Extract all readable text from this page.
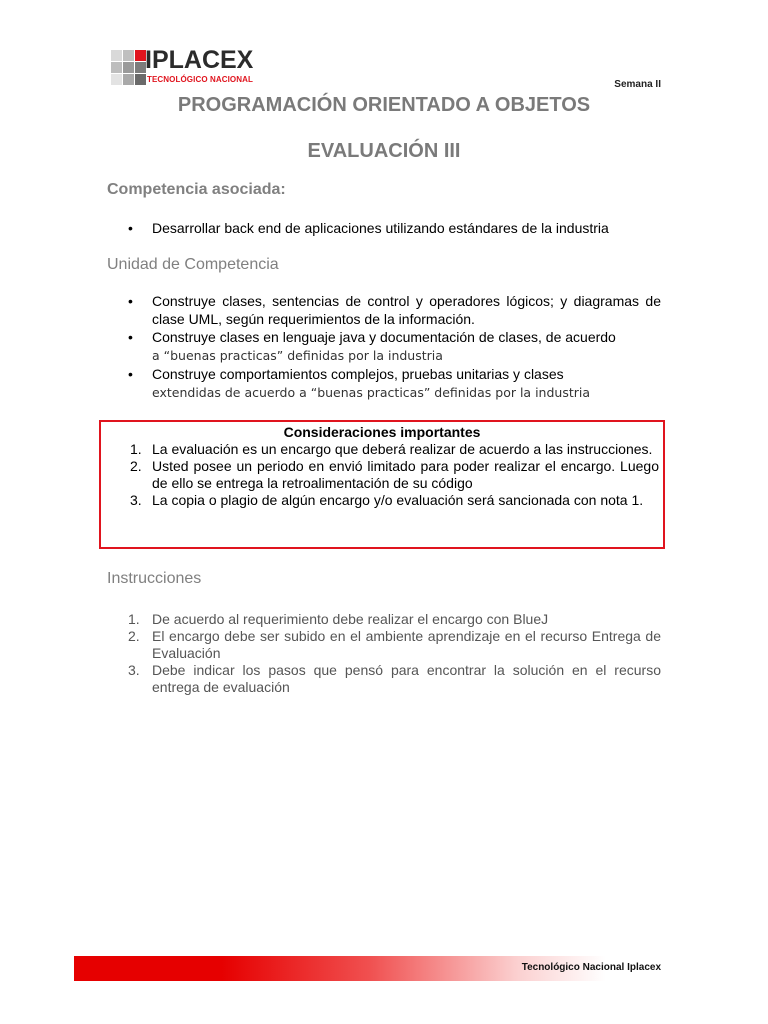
IPLACEX
TECNOLÓGICO NACIONAL	Semana II
PROGRAMACIÓN ORIENTADO A OBJETOS
EVALUACIÓN III
Competencia asociada:
• Desarrollar back end de aplicaciones utilizando estándares de la industria
Unidad de Competencia
• Construye clases, sentencias de control y operadores lógicos; y diagramas de clase UML, según requerimientos de la información.
• Construye clases en lenguaje java y documentación de clases, de acuerdo
a “buenas practicas” definidas por la industria
• Construye comportamientos complejos, pruebas unitarias y clases
extendidas de acuerdo a “buenas practicas” definidas por la industria
Consideraciones importantes
1. La evaluación es un encargo que deberá realizar de acuerdo a las instrucciones.
2. Usted posee un periodo en envió limitado para poder realizar el encargo. Luego de ello se entrega la retroalimentación de su código
3. La copia o plagio de algún encargo y/o evaluación será sancionada con nota 1.
Instrucciones
1. De acuerdo al requerimiento debe realizar el encargo con BlueJ
2. El encargo debe ser subido en el ambiente aprendizaje en el recurso Entrega de Evaluación
3. Debe indicar los pasos que pensó para encontrar la solución en el recurso entrega de evaluación
Tecnológico Nacional Iplacex
